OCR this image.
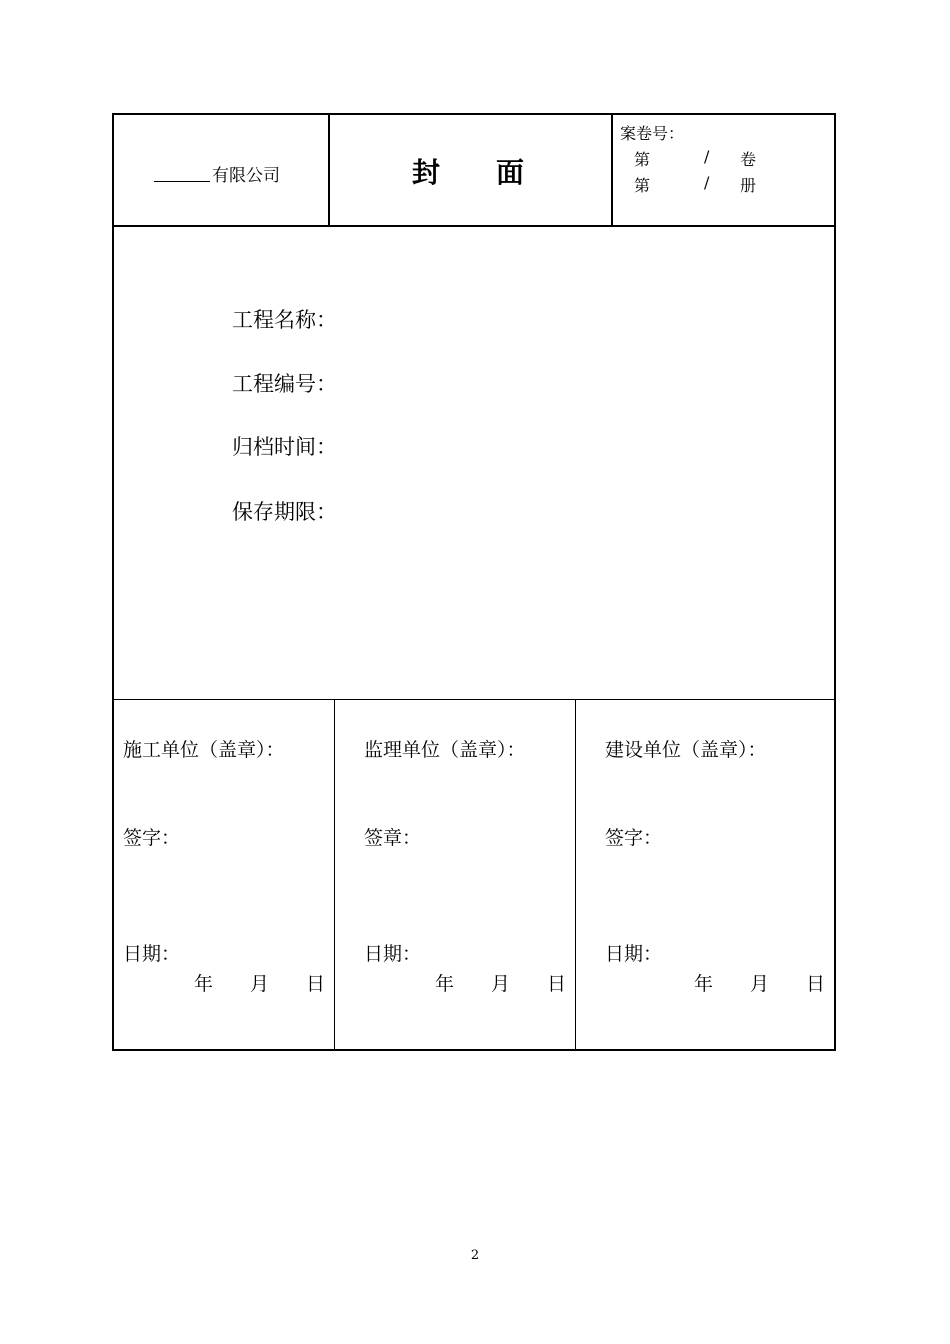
有限公司	封 面
案卷号：
第	/ 卷
第	/ 册
工程名称：
工程编号：
归档时间：
保存期限：
施工单位（盖章）：
签字：
日期：
年 月 日
监理单位（盖章）：
签章：
日期：
年 月 日
建设单位（盖章）：
签字：
日期：
年 月 日
2
